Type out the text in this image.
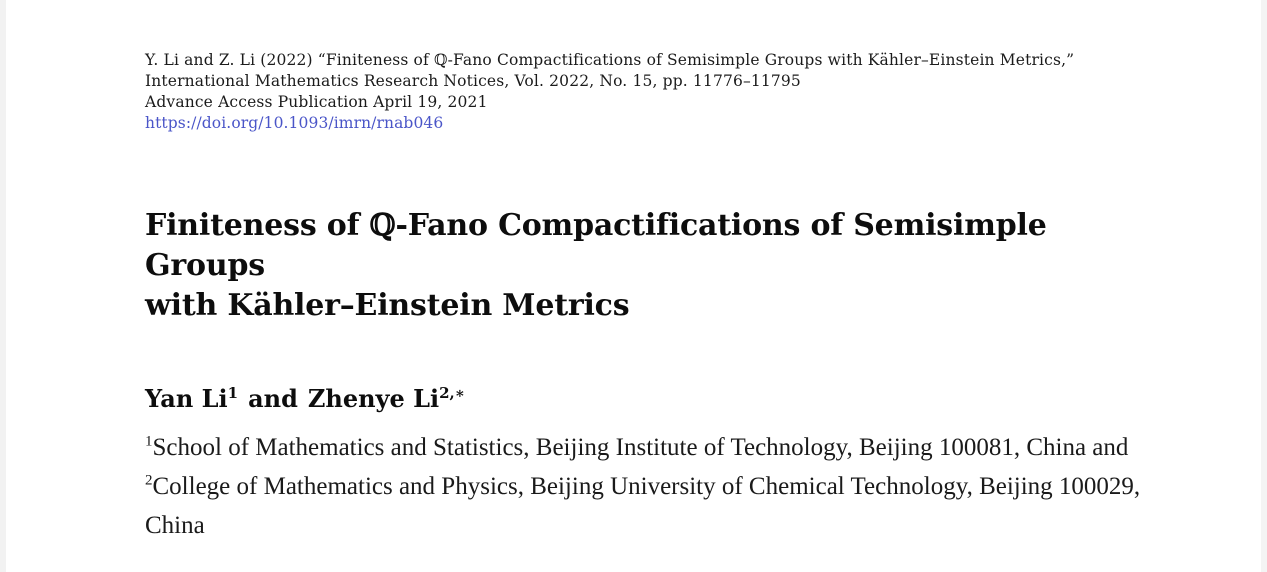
Y. Li and Z. Li (2022) “Finiteness of ℚ-Fano Compactifications of Semisimple Groups with Kähler–Einstein Metrics,”
International Mathematics Research Notices, Vol. 2022, No. 15, pp. 11776–11795
Advance Access Publication April 19, 2021
https://doi.org/10.1093/imrn/rnab046
Finiteness of ℚ-Fano Compactifications of Semisimple Groups
with Kähler–Einstein Metrics
Yan Li$^1$ and Zhenye $Li^{2,∗}$
$^1$School of Mathematics and Statistics, Beijing Institute of Technology, Beijing 100081, China and $^2$College of Mathematics and Physics, Beijing University of Chemical Technology, Beijing 100029, China
